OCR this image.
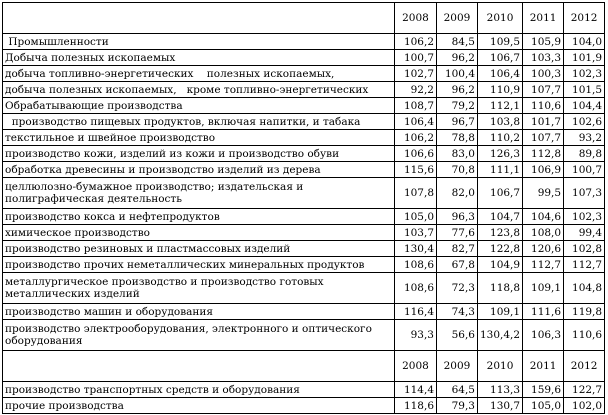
	2008	2009	2010	2011	2012
Промышленности	106,2	84,5	109,5	105,9	104,0
Добыча полезных ископаемых	100,7	96,2	106,7	103,3	101,9
добыча топливно-энергетических    полезных ископаемых,	102,7	100,4	106,4	100,3	102,3
добыча полезных ископаемых,   кроме топливно-энергетических	92,2	96,2	110,9	107,7	101,5
Обрабатывающие производства	108,7	79,2	112,1	110,6	104,4
производство пищевых продуктов, включая напитки, и табака	106,4	96,7	103,8	101,7	102,6
текстильное и швейное производство	106,2	78,8	110,2	107,7	93,2
производство кожи, изделий из кожи и производство обуви	106,6	83,0	126,3	112,8	89,8
обработка древесины и производство изделий из дерева	115,6	70,8	111,1	106,9	100,7
целлюлозно-бумажное производство; издательская и полиграфическая деятельность	107,8	82,0	106,7	99,5	107,3
производство кокса и нефтепродуктов	105,0	96,3	104,7	104,6	102,3
химическое производство	103,7	77,6	123,8	108,0	99,4
производство резиновых и пластмассовых изделий	130,4	82,7	122,8	120,6	102,8
производство прочих неметаллических минеральных продуктов	108,6	67,8	104,9	112,7	112,7
металлургическое производство и производство готовых металлических изделий	108,6	72,3	118,8	109,1	104,8
производство машин и оборудования	116,4	74,3	109,1	111,6	119,8
производство электрооборудования, электронного и оптического оборудования	93,3	56,6	130,4,2	106,3	110,6
	2008	2009	2010	2011	2012
производство транспортных средств и оборудования	114,4	64,5	113,3	159,6	122,7
прочие производства	118,6	79,3	130,7	105,0	102,0
